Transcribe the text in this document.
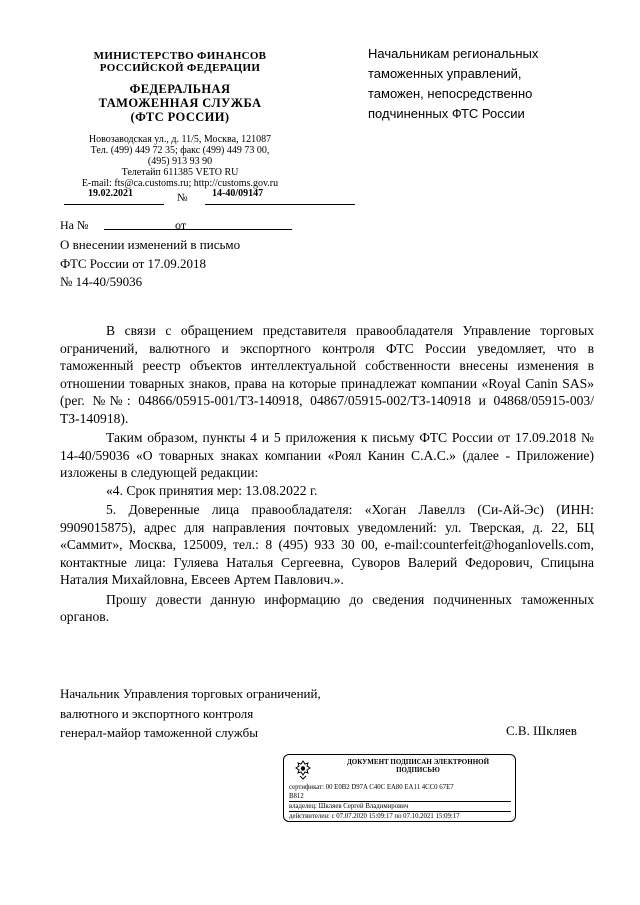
МИНИСТЕРСТВО ФИНАНСОВ
РОССИЙСКОЙ ФЕДЕРАЦИИ
ФЕДЕРАЛЬНАЯ
ТАМОЖЕННАЯ СЛУЖБА
(ФТС РОССИИ)
Новозаводская ул., д. 11/5, Москва, 121087
Тел. (499) 449 72 35; факс (499) 449 73 00,
(495) 913 93 90
Телетайп 611385 VETO RU
E-mail: fts@ca.customs.ru; http://customs.gov.ru
19.02.2021	№ 14-40/09147
На №	от
О внесении изменений в письмо
ФТС России от 17.09.2018
№ 14-40/59036
Начальникам региональных
таможенных управлений,
таможен, непосредственно
подчиненных ФТС России

В связи с обращением представителя правообладателя Управление торговых ограничений, валютного и экспортного контроля ФТС России уведомляет, что в таможенный реестр объектов интеллектуальной собственности внесены изменения в отношении товарных знаков, права на которые принадлежат компании «Royal Canin SAS» (рег. №№: 04866/05915-001/ТЗ-140918, 04867/05915-002/ТЗ-140918 и 04868/05915-003/ТЗ-140918).

Таким образом, пункты 4 и 5 приложения к письму ФТС России от 17.09.2018 № 14-40/59036 «О товарных знаках компании «Роял Канин С.А.С.» (далее - Приложение) изложены в следующей редакции:

«4. Срок принятия мер: 13.08.2022 г.

5. Доверенные лица правообладателя: «Хоган Лавеллз (Си-Ай-Эс) (ИНН: 9909015875), адрес для направления почтовых уведомлений: ул. Тверская, д. 22, БЦ «Саммит», Москва, 125009, тел.: 8 (495) 933 30 00, e-mail:counterfeit@hoganlovells.com, контактные лица: Гуляева Наталья Сергеевна, Суворов Валерий Федорович, Спицына Наталия Михайловна, Евсеев Артем Павлович.».

Прошу довести данную информацию до сведения подчиненных таможенных органов.

Начальник Управления торговых ограничений,
валютного и экспортного контроля
генерал-майор таможенной службы	С.В. Шкляев
ДОКУМЕНТ ПОДПИСАН ЭЛЕКТРОННОЙ
ПОДПИСЬЮ
сертификат: 00 E0B2 D97A C40C EA80 EA11 4CC0 67E7
B812
владелец: Шкляев Сергей Владимирович
действителен: с 07.07.2020 15:09:17 по 07.10.2021 15:09:17
